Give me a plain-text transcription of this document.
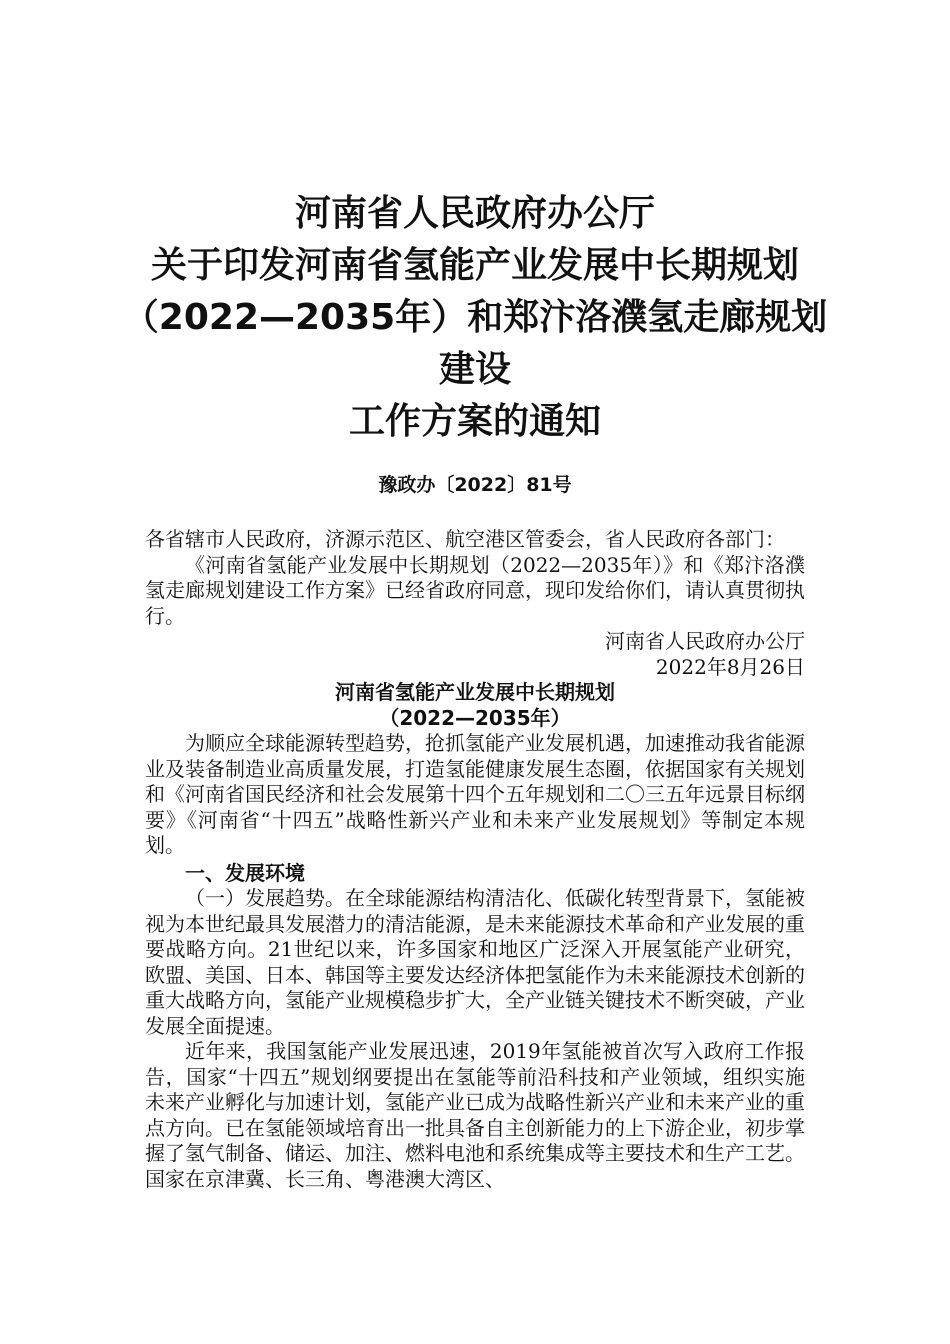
河南省人民政府办公厅
关于印发河南省氢能产业发展中长期规划
（2022—2035年）和郑汴洛濮氢走廊规划
建设
工作方案的通知
豫政办〔2022〕81号

各省辖市人民政府，济源示范区、航空港区管委会，省人民政府各部门：

《河南省氢能产业发展中长期规划（2022—2035年）》和《郑汴洛濮氢走廊规划建设工作方案》已经省政府同意，现印发给你们，请认真贯彻执行。

河南省人民政府办公厅

2022年8月26日

河南省氢能产业发展中长期规划

（2022—2035年）

为顺应全球能源转型趋势，抢抓氢能产业发展机遇，加速推动我省能源业及装备制造业高质量发展，打造氢能健康发展生态圈，依据国家有关规划和《河南省国民经济和社会发展第十四个五年规划和二〇三五年远景目标纲要》《河南省“十四五”战略性新兴产业和未来产业发展规划》等制定本规划。

一、发展环境

（一）发展趋势。在全球能源结构清洁化、低碳化转型背景下，氢能被视为本世纪最具发展潜力的清洁能源，是未来能源技术革命和产业发展的重要战略方向。21世纪以来，许多国家和地区广泛深入开展氢能产业研究，欧盟、美国、日本、韩国等主要发达经济体把氢能作为未来能源技术创新的重大战略方向，氢能产业规模稳步扩大，全产业链关键技术不断突破，产业发展全面提速。

近年来，我国氢能产业发展迅速，2019年氢能被首次写入政府工作报告，国家“十四五”规划纲要提出在氢能等前沿科技和产业领域，组织实施未来产业孵化与加速计划，氢能产业已成为战略性新兴产业和未来产业的重点方向。已在氢能领域培育出一批具备自主创新能力的上下游企业，初步掌握了氢气制备、储运、加注、燃料电池和系统集成等主要技术和生产工艺。国家在京津冀、长三角、粤港澳大湾区、
